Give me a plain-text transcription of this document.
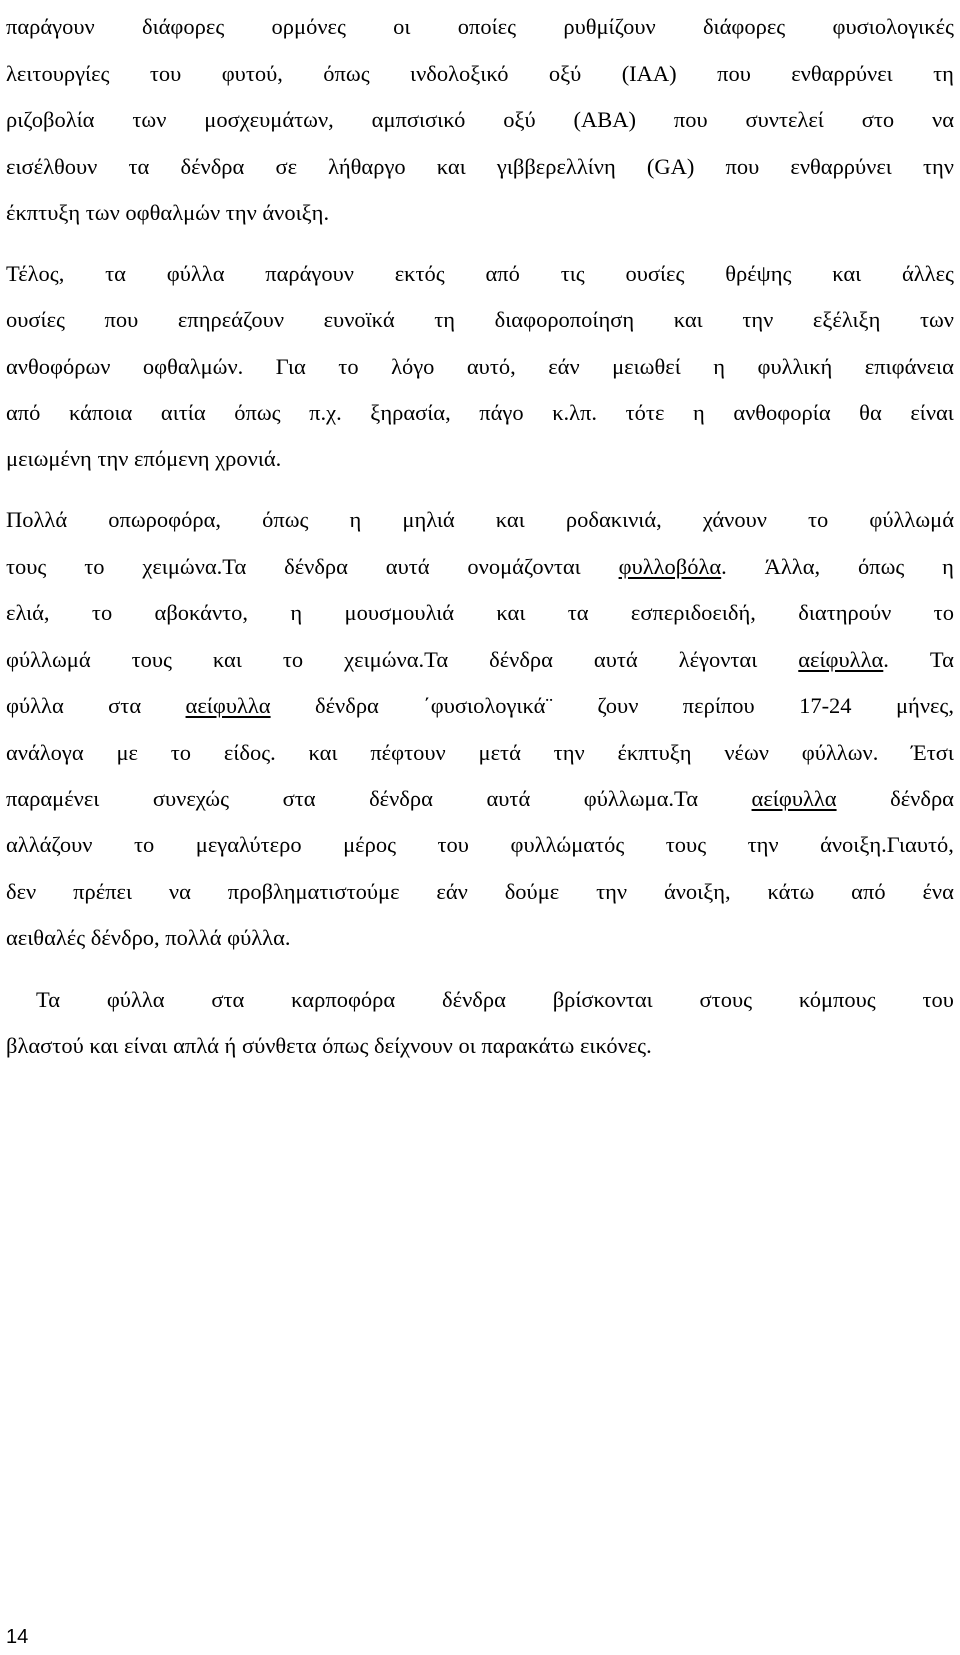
παράγουν διάφορες ορμόνες οι οποίες ρυθμίζουν διάφορες φυσιολογικές
λειτουργίες του φυτού, όπως ινδολοξικό οξύ (IAA) που ενθαρρύνει τη
ριζοβολία των μοσχευμάτων, αμπσισικό οξύ (ABA) που συντελεί στο να
εισέλθουν τα δένδρα σε λήθαργο και γιββερελλίνη (GA) που ενθαρρύνει την
έκπτυξη των οφθαλμών την άνοιξη.
Τέλος, τα φύλλα παράγουν εκτός από τις ουσίες θρέψης και άλλες
ουσίες που επηρεάζουν ευνοϊκά τη διαφοροποίηση και την εξέλιξη των
ανθοφόρων οφθαλμών. Για το λόγο αυτό, εάν μειωθεί η φυλλική επιφάνεια
από κάποια αιτία όπως π.χ. ξηρασία, πάγο κ.λπ. τότε η ανθοφορία θα είναι
μειωμένη την επόμενη χρονιά.
Πολλά οπωροφόρα, όπως η μηλιά και ροδακινιά, χάνουν το φύλλωμά
τους το χειμώνα.Τα δένδρα αυτά ονομάζονται φυλλοβόλα. Άλλα, όπως η
ελιά, το αβοκάντο, η μουσμουλιά και τα εσπεριδοειδή, διατηρούν το
φύλλωμά τους και το χειμώνα.Τα δένδρα αυτά λέγονται αείφυλλα. Τα
φύλλα στα αείφυλλα δένδρα ΄φυσιολογικά¨ ζουν περίπου 17-24 μήνες,
ανάλογα με το είδος. και πέφτουν μετά την έκπτυξη νέων φύλλων. Έτσι
παραμένει συνεχώς στα δένδρα αυτά φύλλωμα.Τα αείφυλλα δένδρα
αλλάζουν το μεγαλύτερο μέρος του φυλλώματός τους την άνοιξη.Γιαυτό,
δεν πρέπει να προβληματιστούμε εάν δούμε την άνοιξη, κάτω από ένα
αειθαλές δένδρο, πολλά φύλλα.
Τα φύλλα στα καρποφόρα δένδρα βρίσκονται στους κόμπους του
βλαστού και είναι απλά ή σύνθετα όπως δείχνουν οι παρακάτω εικόνες.
14
